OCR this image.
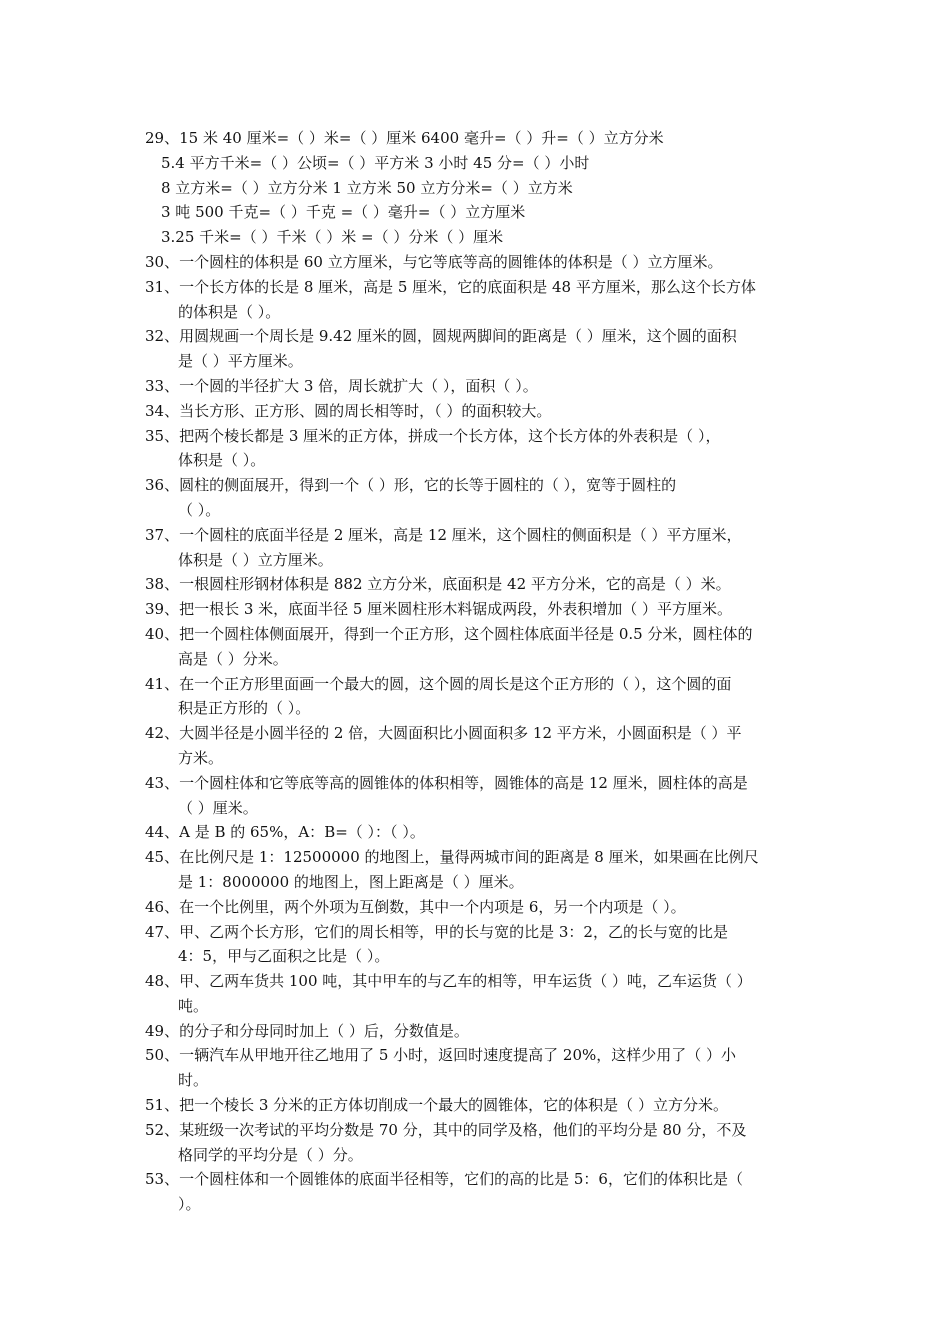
29、15 米 40 厘米=（ ）米=（ ）厘米 6400 毫升=（ ）升=（ ）立方分米
5.4 平方千米=（ ）公顷=（ ）平方米 3 小时 45 分=（ ）小时
8 立方米=（ ）立方分米 1 立方米 50 立方分米=（ ）立方米
3 吨 500 千克=（ ）千克 =（ ）毫升=（ ）立方厘米
3.25 千米=（ ）千米（ ）米 =（ ）分米（ ）厘米
30、一个圆柱的体积是 60 立方厘米，与它等底等高的圆锥体的体积是（ ）立方厘米。
31、一个长方体的长是 8 厘米，高是 5 厘米，它的底面积是 48 平方厘米，那么这个长方体
的体积是（ ）。
32、用圆规画一个周长是 9.42 厘米的圆，圆规两脚间的距离是（ ）厘米，这个圆的面积
是（ ）平方厘米。
33、一个圆的半径扩大 3 倍，周长就扩大（ ），面积（ ）。
34、当长方形、正方形、圆的周长相等时，（ ）的面积较大。
35、把两个棱长都是 3 厘米的正方体，拼成一个长方体，这个长方体的外表积是（ ），
体积是（ ）。
36、圆柱的侧面展开，得到一个（ ）形，它的长等于圆柱的（ ），宽等于圆柱的
（ ）。
37、一个圆柱的底面半径是 2 厘米，高是 12 厘米，这个圆柱的侧面积是（ ）平方厘米，
体积是（ ）立方厘米。
38、一根圆柱形钢材体积是 882 立方分米，底面积是 42 平方分米，它的高是（ ）米。
39、把一根长 3 米，底面半径 5 厘米圆柱形木料锯成两段，外表积增加（ ）平方厘米。
40、把一个圆柱体侧面展开，得到一个正方形，这个圆柱体底面半径是 0.5 分米，圆柱体的
高是（ ）分米。
41、在一个正方形里面画一个最大的圆，这个圆的周长是这个正方形的（ ），这个圆的面
积是正方形的（ ）。
42、大圆半径是小圆半径的 2 倍，大圆面积比小圆面积多 12 平方米，小圆面积是（ ）平
方米。
43、一个圆柱体和它等底等高的圆锥体的体积相等，圆锥体的高是 12 厘米，圆柱体的高是
（ ）厘米。
44、A 是 B 的 65%，A：B=（ ）：（ ）。
45、在比例尺是 1：12500000 的地图上，量得两城市间的距离是 8 厘米，如果画在比例尺
是 1：8000000 的地图上，图上距离是（ ）厘米。
46、在一个比例里，两个外项为互倒数，其中一个内项是 6，另一个内项是（ ）。
47、甲、乙两个长方形，它们的周长相等，甲的长与宽的比是 3：2，乙的长与宽的比是
4：5，甲与乙面积之比是（ ）。
48、甲、乙两车货共 100 吨，其中甲车的与乙车的相等，甲车运货（ ）吨，乙车运货（ ）
吨。
49、的分子和分母同时加上（ ）后，分数值是。
50、一辆汽车从甲地开往乙地用了 5 小时，返回时速度提高了 20%，这样少用了（ ）小
时。
51、把一个棱长 3 分米的正方体切削成一个最大的圆锥体，它的体积是（ ）立方分米。
52、某班级一次考试的平均分数是 70 分，其中的同学及格，他们的平均分是 80 分，不及
格同学的平均分是（ ）分。
53、一个圆柱体和一个圆锥体的底面半径相等，它们的高的比是 5：6，它们的体积比是（
）。
